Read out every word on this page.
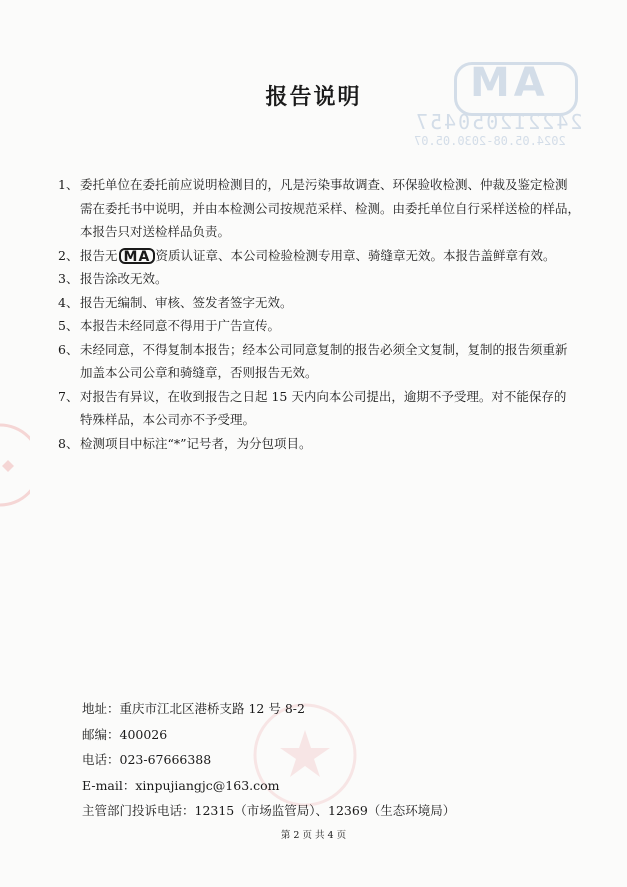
MA
242212050457
2024.05.08-2030.05.07
报告说明
1、 委托单位在委托前应说明检测目的，凡是污染事故调查、环保验收检测、仲裁及鉴定检测
需在委托书中说明，并由本检测公司按规范采样、检测。由委托单位自行采样送检的样品，
本报告只对送检样品负责。
2、 报告无 MA 资质认证章、本公司检验检测专用章、骑缝章无效。本报告盖鲜章有效。
3、 报告涂改无效。
4、 报告无编制、审核、签发者签字无效。
5、 本报告未经同意不得用于广告宣传。
6、 未经同意，不得复制本报告；经本公司同意复制的报告必须全文复制，复制的报告须重新
加盖本公司公章和骑缝章，否则报告无效。
7、 对报告有异议，在收到报告之日起 15 天内向本公司提出，逾期不予受理。对不能保存的
特殊样品，本公司亦不予受理。
8、 检测项目中标注“*”记号者，为分包项目。
地址：重庆市江北区港桥支路 12 号 8-2
邮编：400026
电话：023-67666388
E-mail：xinpujiangjc@163.com
主管部门投诉电话：12315（市场监管局）、12369（生态环境局）
第 2 页 共 4 页
